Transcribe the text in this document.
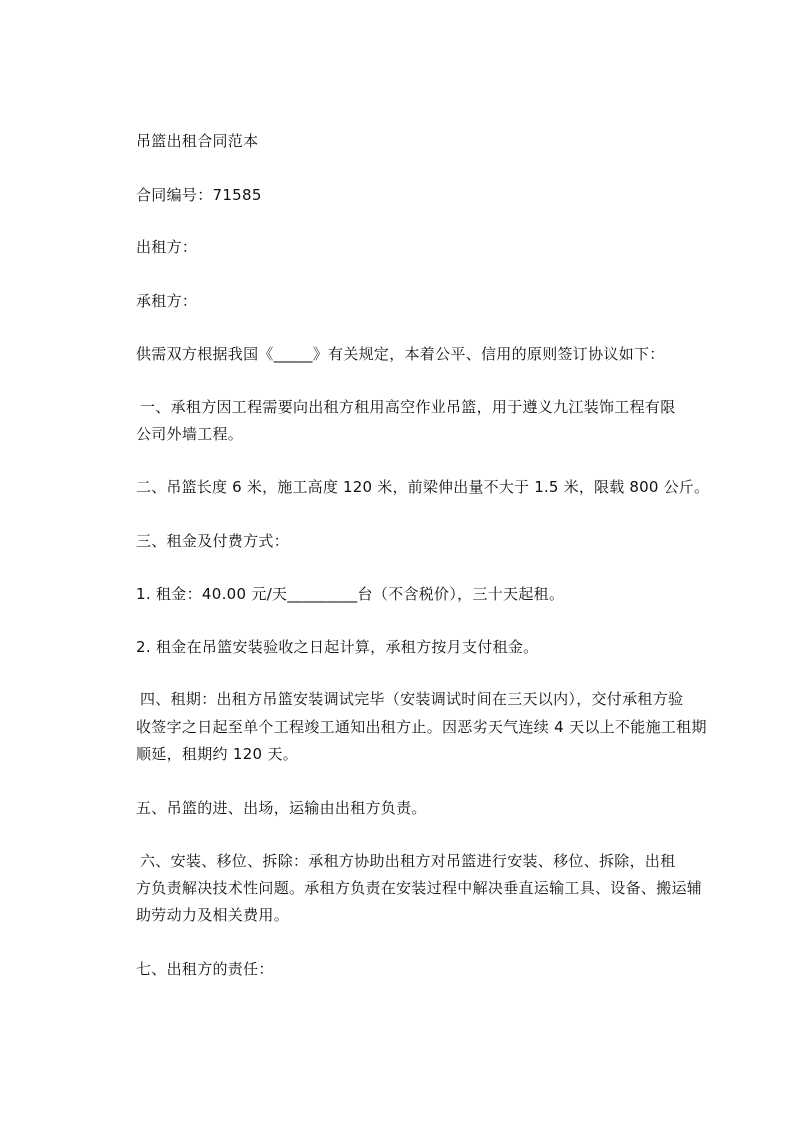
吊篮出租合同范本
合同编号：71585
出租方：
承租方：
供需双方根据我国《_____》有关规定，本着公平、信用的原则签订协议如下：
一、承租方因工程需要向出租方租用高空作业吊篮，用于遵义九江装饰工程有限
公司外墙工程。
二、吊篮长度 6 米，施工高度 120 米，前梁伸出量不大于 1.5 米，限载 800 公斤。
三、租金及付费方式：
1. 租金：40.00 元/天_________台（不含税价），三十天起租。
2. 租金在吊篮安装验收之日起计算，承租方按月支付租金。
四、租期：出租方吊篮安装调试完毕（安装调试时间在三天以内），交付承租方验
收签字之日起至单个工程竣工通知出租方止。因恶劣天气连续 4 天以上不能施工租期
顺延，租期约 120 天。
五、吊篮的进、出场，运输由出租方负责。
六、安装、移位、拆除：承租方协助出租方对吊篮进行安装、移位、拆除，出租
方负责解决技术性问题。承租方负责在安装过程中解决垂直运输工具、设备、搬运辅
助劳动力及相关费用。
七、出租方的责任：
